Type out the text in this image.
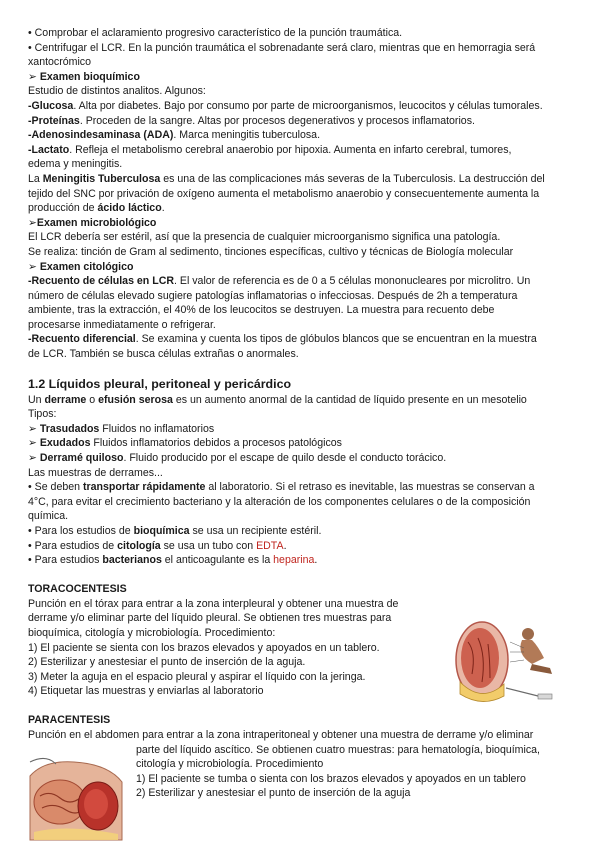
• Comprobar el aclaramiento progresivo característico de la punción traumática.
• Centrifugar el LCR. En la punción traumática el sobrenadante será claro, mientras que en hemorragia será
xantocrómico
➢ Examen bioquímico
Estudio de distintos analitos. Algunos:
-Glucosa. Alta por diabetes. Bajo por consumo por parte de microorganismos, leucocitos y células tumorales.
-Proteínas. Proceden de la sangre. Altas por procesos degenerativos y procesos inflamatorios.
-Adenosindesaminasa (ADA). Marca meningitis tuberculosa.
-Lactato. Refleja el metabolismo cerebral anaerobio por hipoxia. Aumenta en infarto cerebral, tumores,
edema y meningitis.
La Meningitis Tuberculosa es una de las complicaciones más severas de la Tuberculosis. La destrucción del
tejido del SNC por privación de oxígeno aumenta el metabolismo anaerobio y consecuentemente aumenta la
producción de ácido láctico.
➢Examen microbiológico
El LCR debería ser estéril, así que la presencia de cualquier microorganismo significa una patología.
Se realiza: tinción de Gram al sedimento, tinciones específicas, cultivo y técnicas de Biología molecular
➢ Examen citológico
-Recuento de células en LCR. El valor de referencia es de 0 a 5 células mononucleares por microlitro. Un
número de células elevado sugiere patologías inflamatorias o infecciosas. Después de 2h a temperatura
ambiente, tras la extracción, el 40% de los leucocitos se destruyen. La muestra para recuento debe
procesarse inmediatamente o refrigerar.
-Recuento diferencial. Se examina y cuenta los tipos de glóbulos blancos que se encuentran en la muestra
de LCR. También se busca células extrañas o anormales.
1.2 Líquidos pleural, peritoneal y pericárdico
Un derrame o efusión serosa es un aumento anormal de la cantidad de líquido presente en un mesotelio
Tipos:
➢ Trasudados Fluidos no inflamatorios
➢ Exudados Fluidos inflamatorios debidos a procesos patológicos
➢ Derramé quiloso. Fluido producido por el escape de quilo desde el conducto torácico.
Las muestras de derrames...
• Se deben transportar rápidamente al laboratorio. Si el retraso es inevitable, las muestras se conservan a
4°C, para evitar el crecimiento bacteriano y la alteración de los componentes celulares o de la composición
química.
• Para los estudios de bioquímica se usa un recipiente estéril.
• Para estudios de citología se usa un tubo con EDTA.
• Para estudios bacterianos el anticoagulante es la heparina.
TORACOCENTESIS
Punción en el tórax para entrar a la zona interpleural y obtener una muestra de
derrame y/o eliminar parte del líquido pleural. Se obtienen tres muestras para
bioquímica, citología y microbiología. Procedimiento:
1) El paciente se sienta con los brazos elevados y apoyados en un tablero.
2) Esterilizar y anestesiar el punto de inserción de la aguja.
3) Meter la aguja en el espacio pleural y aspirar el líquido con la jeringa.
4) Etiquetar las muestras y enviarlas al laboratorio
PARACENTESIS
Punción en el abdomen para entrar a la zona intraperitoneal y obtener una muestra de derrame y/o eliminar
parte del líquido ascítico. Se obtienen cuatro muestras: para hematología, bioquímica,
citología y microbiología. Procedimiento
1) El paciente se tumba o sienta con los brazos elevados y apoyados en un tablero
2) Esterilizar y anestesiar el punto de inserción de la aguja
